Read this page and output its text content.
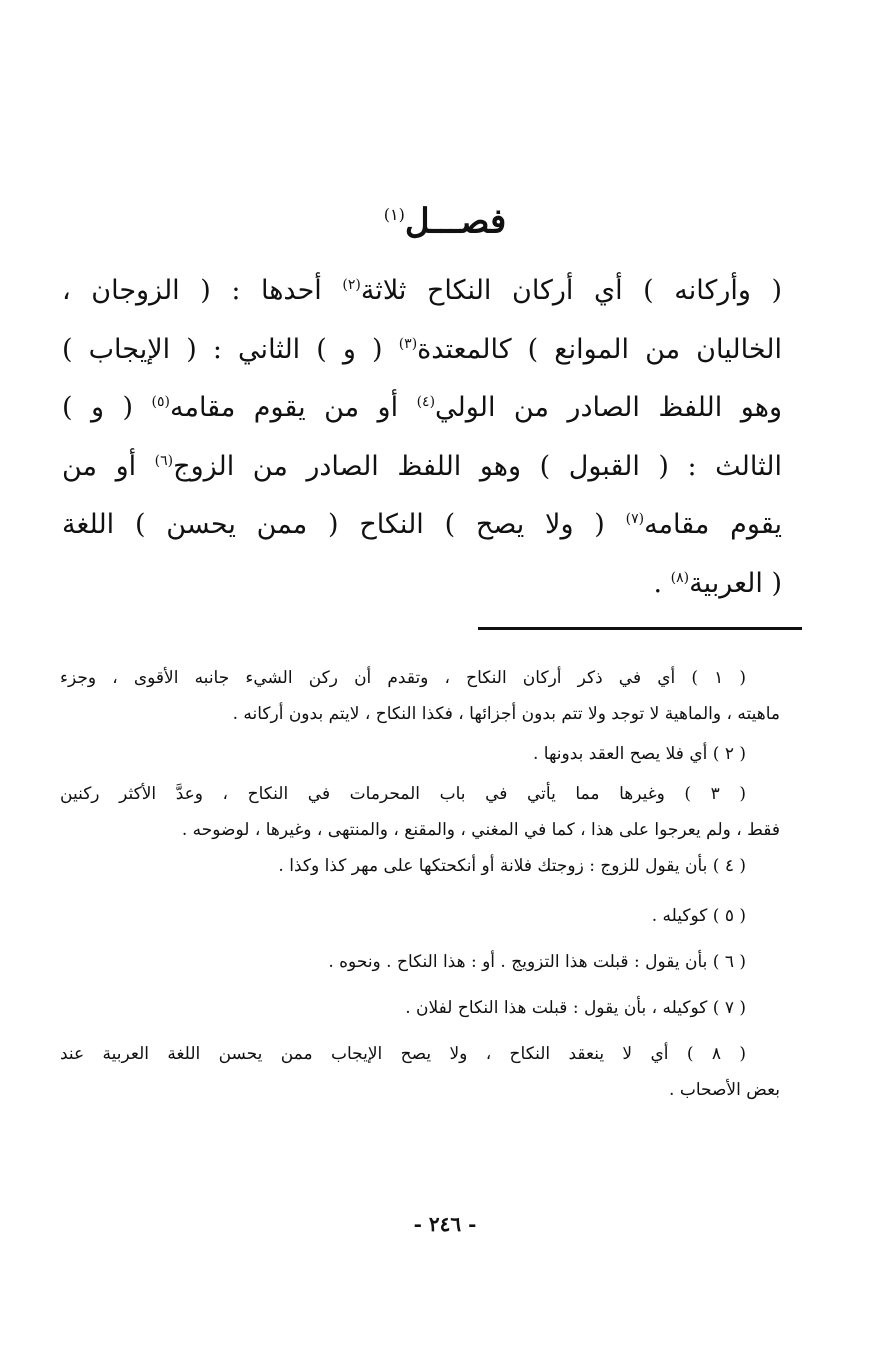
فصـــل$^{(١)}$
( وأركانه ) أي أركان النكاح ثلاثة$^{(٢)}$ أحدها : ( الزوجان ،
الخاليان من الموانع ) كالمعتدة$^{(٣)}$ ( و ) الثاني : ( الإيجاب )
وهو اللفظ الصادر من الولي$^{(٤)}$ أو من يقوم مقامه$^{(٥)}$ ( و )
الثالث : ( القبول ) وهو اللفظ الصادر من الزوج$^{(٦)}$ أو من
يقوم مقامه$^{(٧)}$ ( ولا يصح ) النكاح ( ممن يحسن ) اللغة
( العربية$^{(٨)}$ .
( ١ ) أي في ذكر أركان النكاح ، وتقدم أن ركن الشيء جانبه الأقوى ، وجزء
ماهيته ، والماهية لا توجد ولا تتم بدون أجزائها ، فكذا النكاح ، لايتم بدون أركانه .
( ٢ ) أي فلا يصح العقد بدونها .
( ٣ ) وغيرها مما يأتي في باب المحرمات في النكاح ، وعدَّ الأكثر ركنين
فقط ، ولم يعرجوا على هذا ، كما في المغني ، والمقنع ، والمنتهى ، وغيرها ، لوضوحه .
( ٤ ) بأن يقول للزوج : زوجتك فلانة أو أنكحتكها على مهر كذا وكذا .
( ٥ ) كوكيله .
( ٦ ) بأن يقول : قبلت هذا التزويج . أو : هذا النكاح . ونحوه .
( ٧ ) كوكيله ، بأن يقول : قبلت هذا النكاح لفلان .
( ٨ ) أي لا ينعقد النكاح ، ولا يصح الإيجاب ممن يحسن اللغة العربية عند
بعض الأصحاب .
- ٢٤٦ -
